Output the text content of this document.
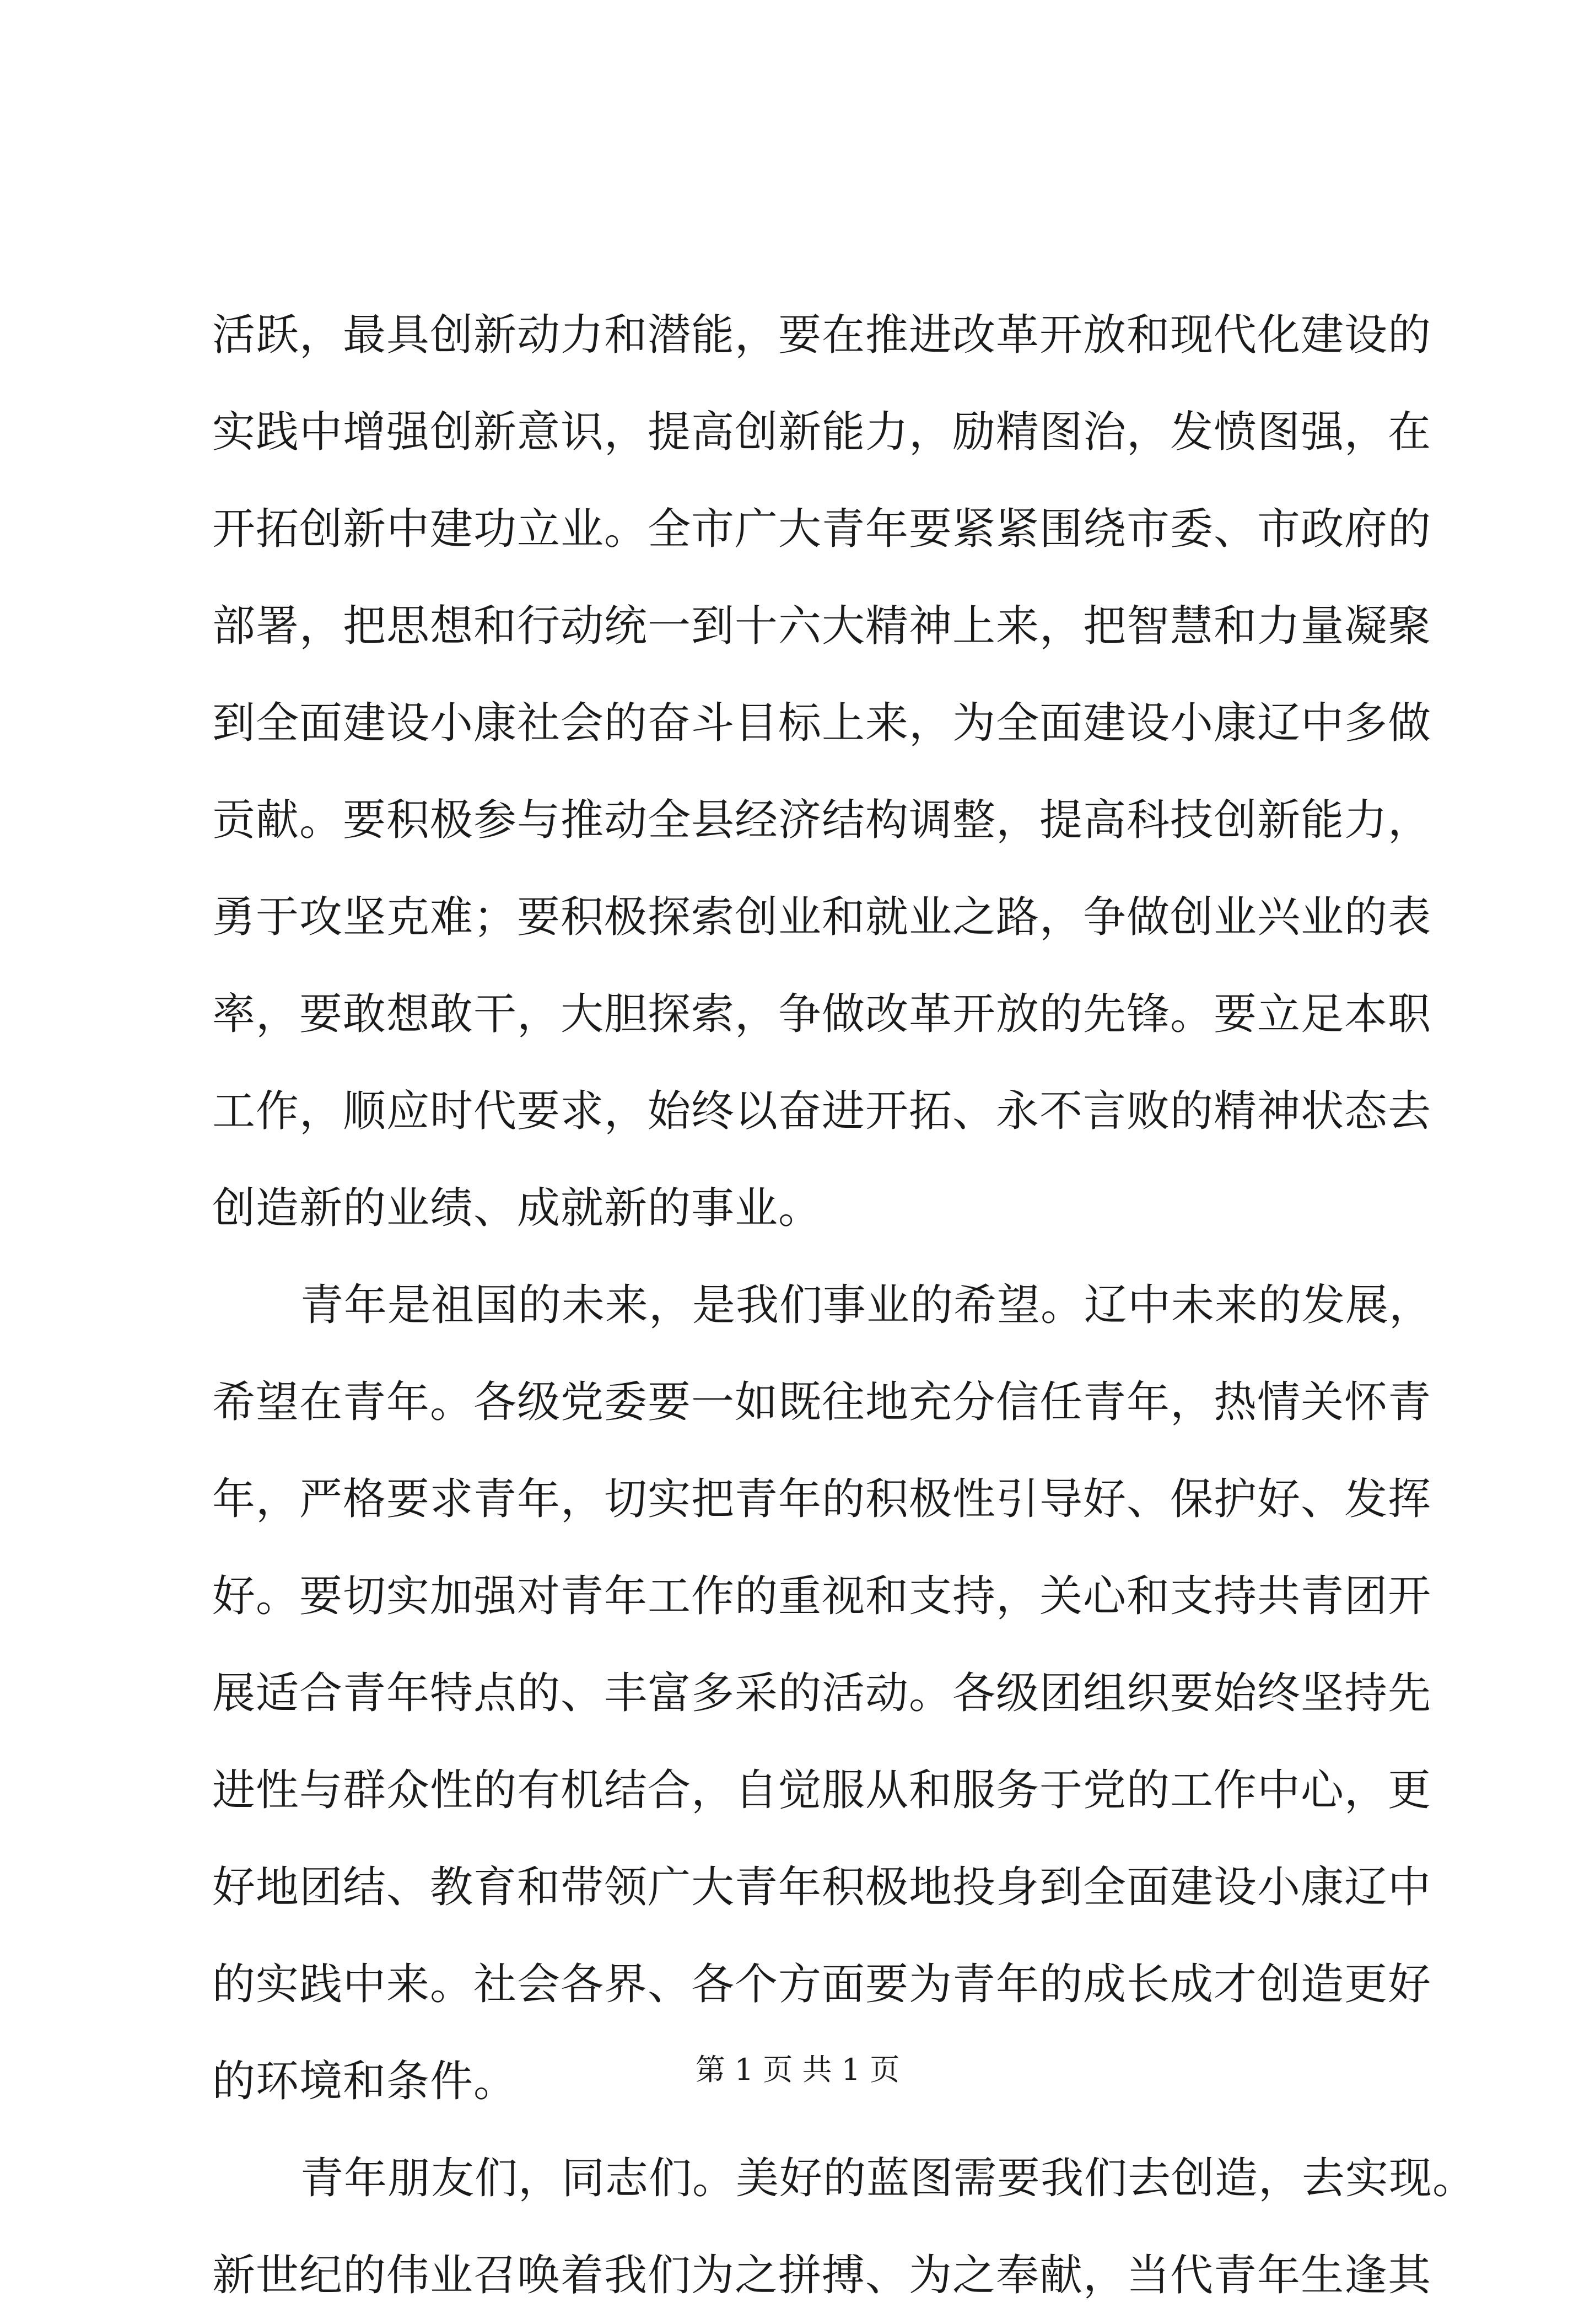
活跃，最具创新动力和潜能，要在推进改革开放和现代化建设的
实践中增强创新意识，提高创新能力，励精图治，发愤图强，在
开拓创新中建功立业。全市广大青年要紧紧围绕市委、市政府的
部署，把思想和行动统一到十六大精神上来，把智慧和力量凝聚
到全面建设小康社会的奋斗目标上来，为全面建设小康辽中多做
贡献。要积极参与推动全县经济结构调整，提高科技创新能力，
勇于攻坚克难；要积极探索创业和就业之路，争做创业兴业的表
率，要敢想敢干，大胆探索，争做改革开放的先锋。要立足本职
工作，顺应时代要求，始终以奋进开拓、永不言败的精神状态去
创造新的业绩、成就新的事业。
青年是祖国的未来，是我们事业的希望。辽中未来的发展，
希望在青年。各级党委要一如既往地充分信任青年，热情关怀青
年，严格要求青年，切实把青年的积极性引导好、保护好、发挥
好。要切实加强对青年工作的重视和支持，关心和支持共青团开
展适合青年特点的、丰富多采的活动。各级团组织要始终坚持先
进性与群众性的有机结合，自觉服从和服务于党的工作中心，更
好地团结、教育和带领广大青年积极地投身到全面建设小康辽中
的实践中来。社会各界、各个方面要为青年的成长成才创造更好
的环境和条件。
青年朋友们，同志们。美好的蓝图需要我们去创造，去实现。
新世纪的伟业召唤着我们为之拼搏、为之奉献，当代青年生逢其
第 1 页 共 1 页
